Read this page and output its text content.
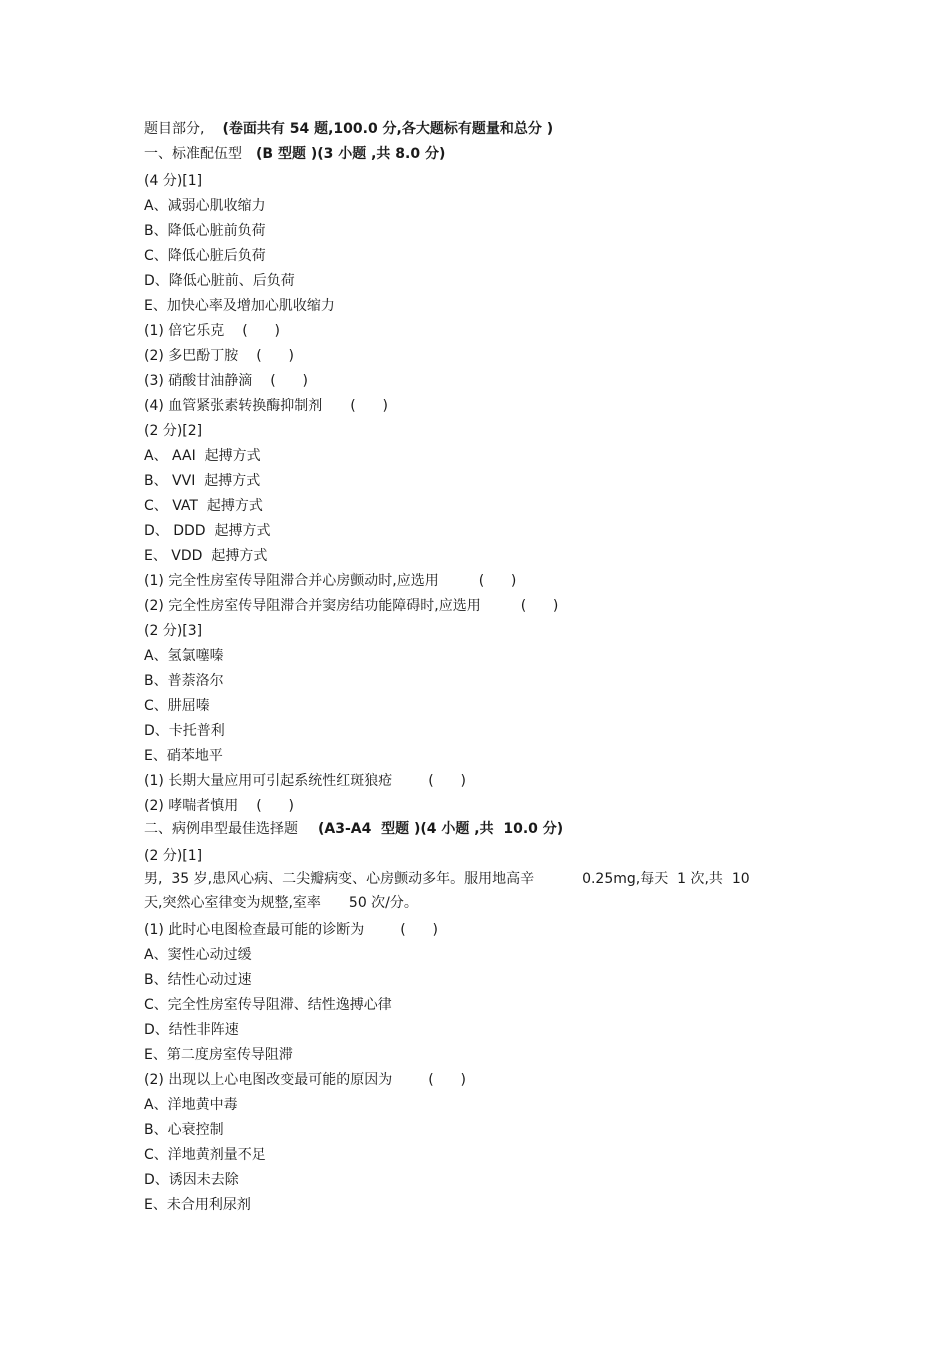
题目部分, (卷面共有 54 题,100.0 分,各大题标有题量和总分 )
一、标准配伍型 (B 型题 )(3 小题 ,共 8.0 分)
(4 分)[1]
A、减弱心肌收缩力
B、降低心脏前负荷
C、降低心脏后负荷
D、降低心脏前、后负荷
E、加快心率及增加心肌收缩力
(1) 倍它乐克 (      )
(2) 多巴酚丁胺 (      )
(3) 硝酸甘油静滴 (      )
(4) 血管紧张素转换酶抑制剂 (      )
(2 分)[2]
A、 AAI  起搏方式
B、 VVI  起搏方式
C、 VAT  起搏方式
D、 DDD  起搏方式
E、 VDD  起搏方式
(1) 完全性房室传导阻滞合并心房颤动时,应选用	(      )
(2) 完全性房室传导阻滞合并窦房结功能障碍时,应选用	(      )
(2 分)[3]
A、氢氯噻嗪
B、普萘洛尔
C、肼屈嗪
D、卡托普利
E、硝苯地平
(1) 长期大量应用可引起系统性红斑狼疮	(      )
(2) 哮喘者慎用 (      )
二、病例串型最佳选择题 (A3-A4  型题 )(4 小题 ,共  10.0 分)
(2 分)[1]
男,  35 岁,患风心病、二尖瓣病变、心房颤动多年。服用地高辛	0.25mg,每天  1 次,共  10
天,突然心室律变为规整,室率 50 次/分。
(1) 此时心电图检查最可能的诊断为	(      )
A、窦性心动过缓
B、结性心动过速
C、完全性房室传导阻滞、结性逸搏心律
D、结性非阵速
E、第二度房室传导阻滞
(2) 出现以上心电图改变最可能的原因为	(      )
A、洋地黄中毒
B、心衰控制
C、洋地黄剂量不足
D、诱因未去除
E、未合用利尿剂
